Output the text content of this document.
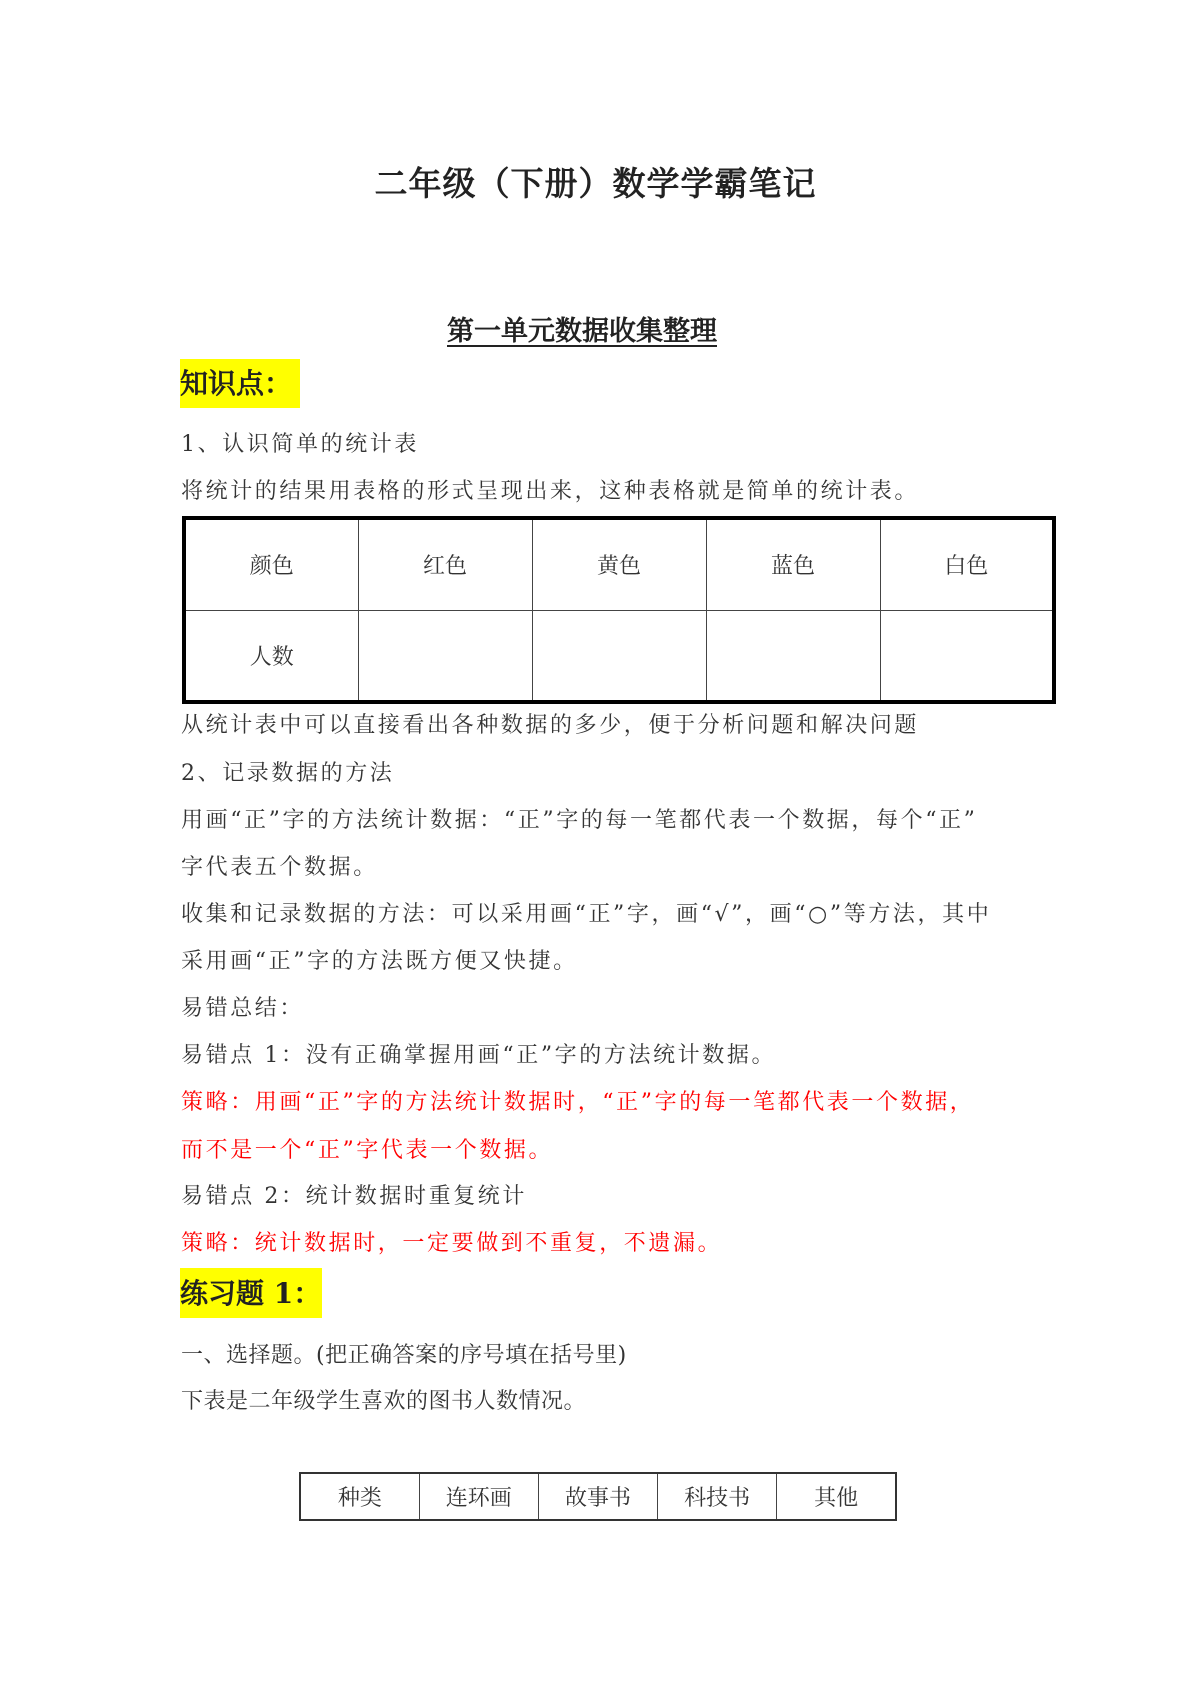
二年级（下册）数学学霸笔记
第一单元数据收集整理
知识点：
1、认识简单的统计表
将统计的结果用表格的形式呈现出来，这种表格就是简单的统计表。
颜色	红色	黄色	蓝色	白色
人数				
从统计表中可以直接看出各种数据的多少，便于分析问题和解决问题
2、记录数据的方法
用画“正”字的方法统计数据：“正”字的每一笔都代表一个数据，每个“正”
字代表五个数据。
收集和记录数据的方法：可以采用画“正”字，画“√”，画“○”等方法，其中
采用画“正”字的方法既方便又快捷。
易错总结：
易错点 1：没有正确掌握用画“正”字的方法统计数据。
策略：用画“正”字的方法统计数据时，“正”字的每一笔都代表一个数据，
而不是一个“正”字代表一个数据。
易错点 2：统计数据时重复统计
策略：统计数据时，一定要做到不重复，不遗漏。
练习题 1：
一、选择题。(把正确答案的序号填在括号里)
下表是二年级学生喜欢的图书人数情况。
种类	连环画	故事书	科技书	其他
